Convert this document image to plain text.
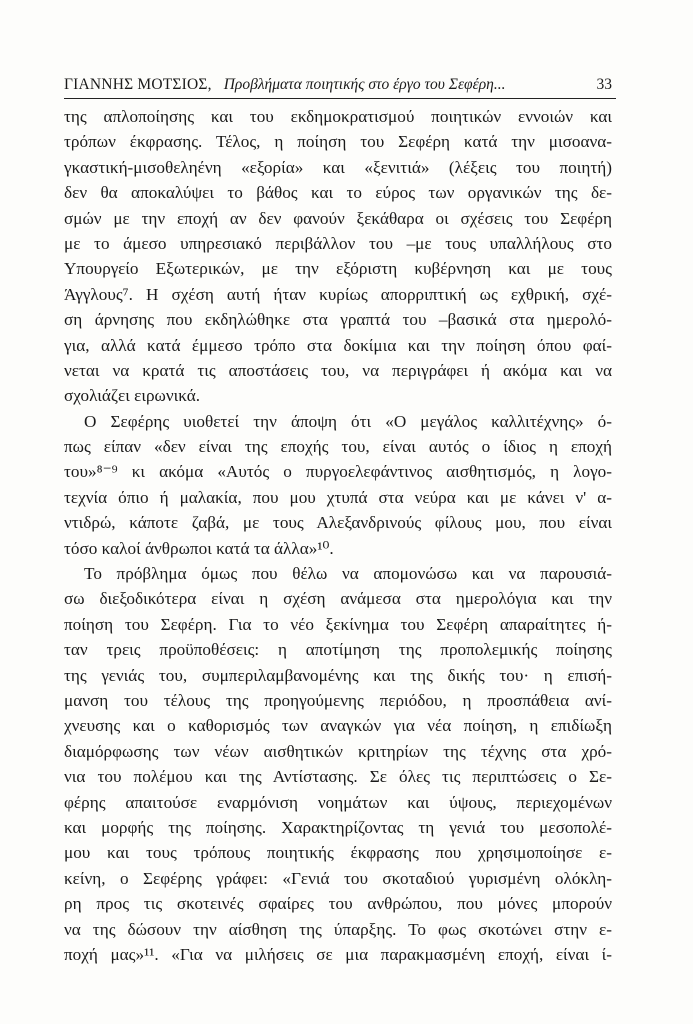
ΓΙΑΝΝΗΣ ΜΟΤΣΙΟΣ, Προβλήματα ποιητικής στο έργο του Σεφέρη...	33
της απλοποίησης και του εκδημοκρατισμού ποιητικών εννοιών και
τρόπων έκφρασης. Τέλος, η ποίηση του Σεφέρη κατά την μισοανα-
γκαστική-μισοθεληένη «εξορία» και «ξενιτιά» (λέξεις του ποιητή)
δεν θα αποκαλύψει το βάθος και το εύρος των οργανικών της δε-
σμών με την εποχή αν δεν φανούν ξεκάθαρα οι σχέσεις του Σεφέρη
με το άμεσο υπηρεσιακό περιβάλλον του –με τους υπαλλήλους στο
Υπουργείο Εξωτερικών, με την εξόριστη κυβέρνηση και με τους
Άγγλους⁷. Η σχέση αυτή ήταν κυρίως απορριπτική ως εχθρική, σχέ-
ση άρνησης που εκδηλώθηκε στα γραπτά του –βασικά στα ημερολό-
για, αλλά κατά έμμεσο τρόπο στα δοκίμια και την ποίηση όπου φαί-
νεται να κρατά τις αποστάσεις του, να περιγράφει ή ακόμα και να
σχολιάζει ειρωνικά.
Ο Σεφέρης υιοθετεί την άποψη ότι «Ο μεγάλος καλλιτέχνης» ό-
πως είπαν «δεν είναι της εποχής του, είναι αυτός ο ίδιος η εποχή
του»⁸⁻⁹ κι ακόμα «Αυτός ο πυργοελεφάντινος αισθητισμός, η λογο-
τεχνία όπιο ή μαλακία, που μου χτυπά στα νεύρα και με κάνει ν' α-
ντιδρώ, κάποτε ζαβά, με τους Αλεξανδρινούς φίλους μου, που είναι
τόσο καλοί άνθρωποι κατά τα άλλα»¹⁰.
Το πρόβλημα όμως που θέλω να απομονώσω και να παρουσιά-
σω διεξοδικότερα είναι η σχέση ανάμεσα στα ημερολόγια και την
ποίηση του Σεφέρη. Για το νέο ξεκίνημα του Σεφέρη απαραίτητες ή-
ταν τρεις προϋποθέσεις: η αποτίμηση της προπολεμικής ποίησης
της γενιάς του, συμπεριλαμβανομένης και της δικής του· η επισή-
μανση του τέλους της προηγούμενης περιόδου, η προσπάθεια ανί-
χνευσης και ο καθορισμός των αναγκών για νέα ποίηση, η επιδίωξη
διαμόρφωσης των νέων αισθητικών κριτηρίων της τέχνης στα χρό-
νια του πολέμου και της Αντίστασης. Σε όλες τις περιπτώσεις ο Σε-
φέρης απαιτούσε εναρμόνιση νοημάτων και ύψους, περιεχομένων
και μορφής της ποίησης. Χαρακτηρίζοντας τη γενιά του μεσοπολέ-
μου και τους τρόπους ποιητικής έκφρασης που χρησιμοποίησε ε-
κείνη, ο Σεφέρης γράφει: «Γενιά του σκοταδιού γυρισμένη ολόκλη-
ρη προς τις σκοτεινές σφαίρες του ανθρώπου, που μόνες μπορούν
να της δώσουν την αίσθηση της ύπαρξης. Το φως σκοτώνει στην ε-
ποχή μας»¹¹. «Για να μιλήσεις σε μια παρακμασμένη εποχή, είναι ί-
